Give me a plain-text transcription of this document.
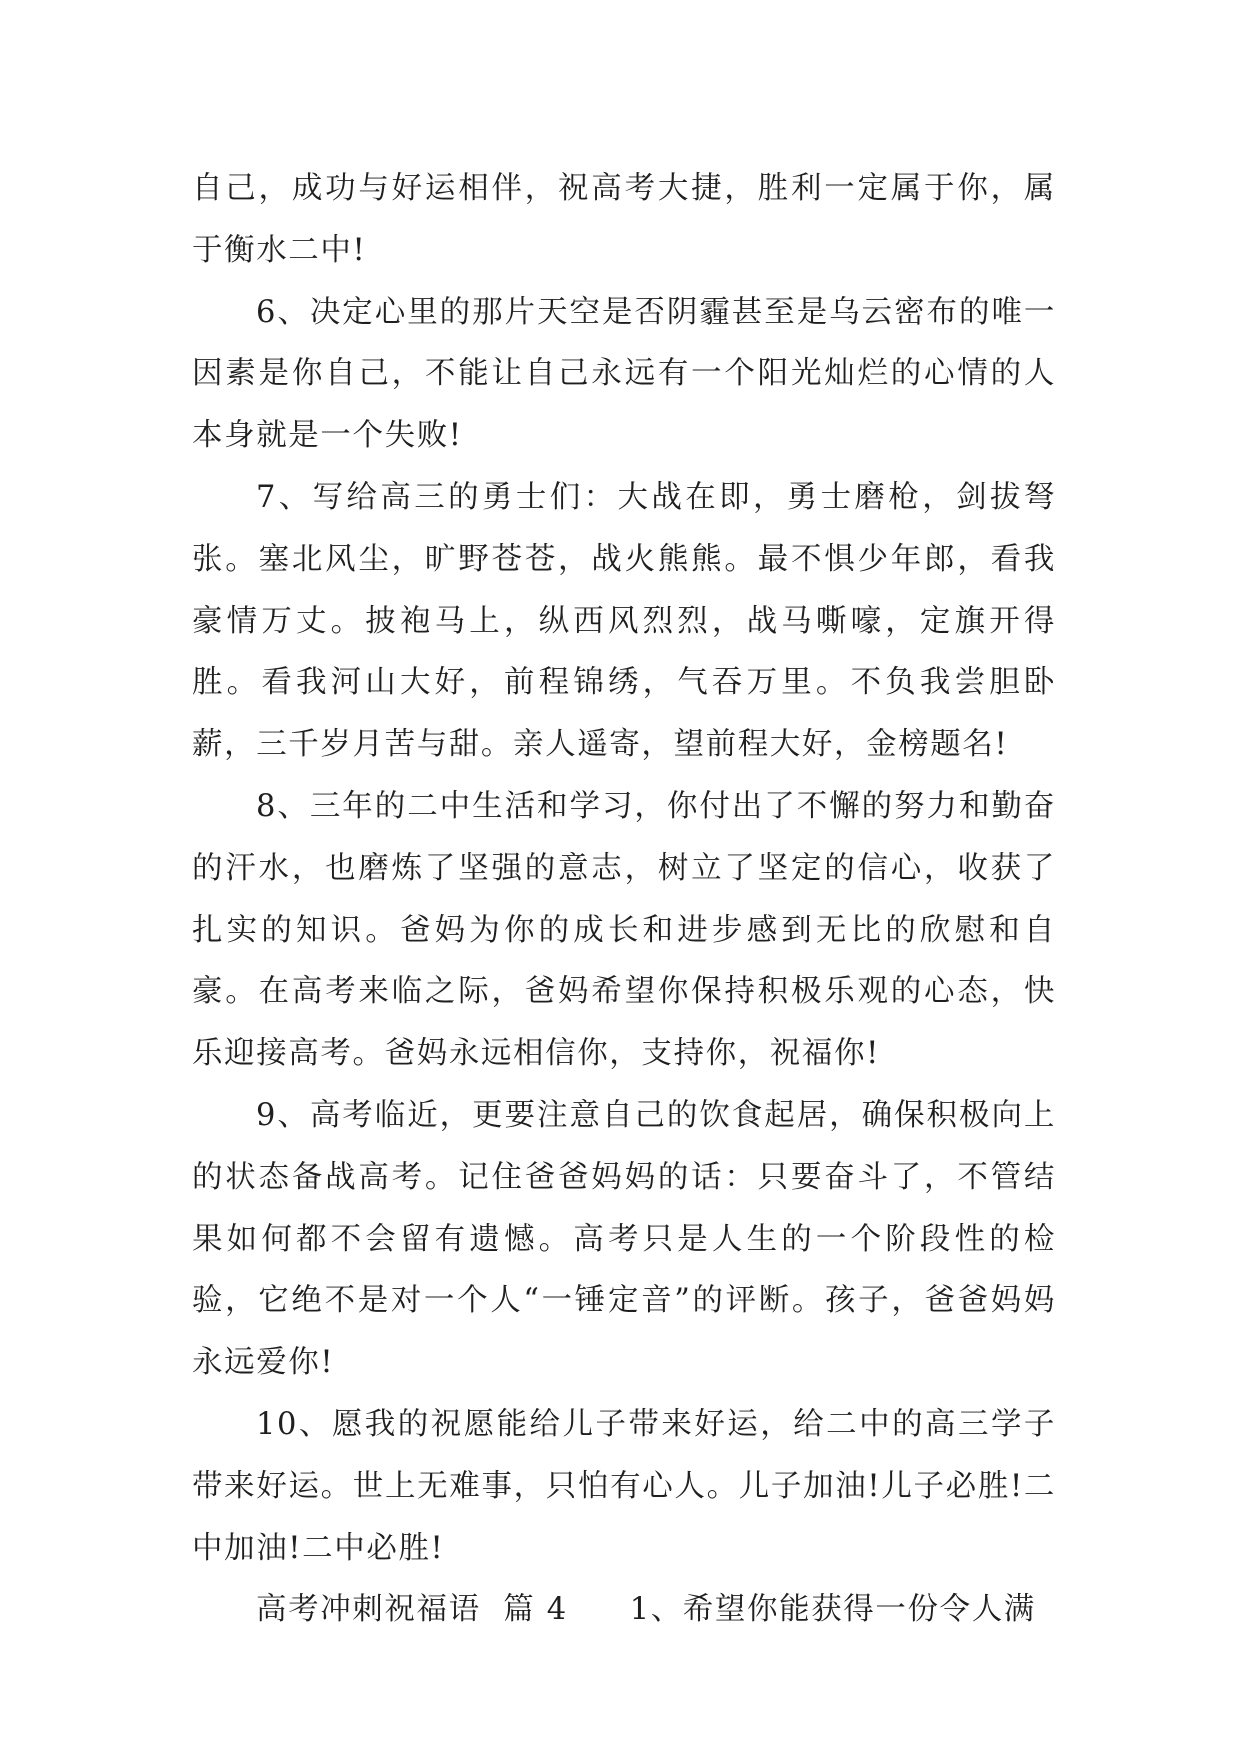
自己，成功与好运相伴，祝高考大捷，胜利一定属于你，属于衡水二中!

6、决定心里的那片天空是否阴霾甚至是乌云密布的唯一因素是你自己，不能让自己永远有一个阳光灿烂的心情的人本身就是一个失败!

7、写给高三的勇士们：大战在即，勇士磨枪，剑拔弩张。塞北风尘，旷野苍苍，战火熊熊。最不惧少年郎，看我豪情万丈。披袍马上，纵西风烈烈，战马嘶嚎，定旗开得胜。看我河山大好，前程锦绣，气吞万里。不负我尝胆卧薪，三千岁月苦与甜。亲人遥寄，望前程大好，金榜题名!

8、三年的二中生活和学习，你付出了不懈的努力和勤奋的汗水，也磨炼了坚强的意志，树立了坚定的信心，收获了扎实的知识。爸妈为你的成长和进步感到无比的欣慰和自豪。在高考来临之际，爸妈希望你保持积极乐观的心态，快乐迎接高考。爸妈永远相信你，支持你，祝福你!

9、高考临近，更要注意自己的饮食起居，确保积极向上的状态备战高考。记住爸爸妈妈的话：只要奋斗了，不管结果如何都不会留有遗憾。高考只是人生的一个阶段性的检验，它绝不是对一个人“一锤定音”的评断。孩子，爸爸妈妈永远爱你!

10、愿我的祝愿能给儿子带来好运，给二中的高三学子带来好运。世上无难事，只怕有心人。儿子加油!儿子必胜!二中加油!二中必胜!

高考冲刺祝福语 篇 4 1、希望你能获得一份令人满
